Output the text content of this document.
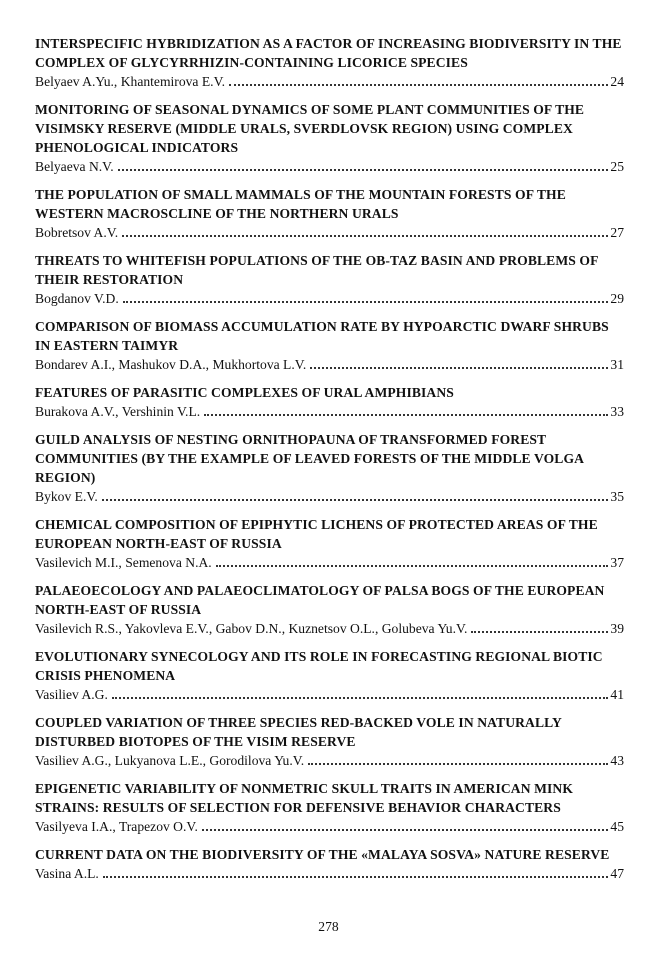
INTERSPECIFIC HYBRIDIZATION AS A FACTOR OF INCREASING BIODIVERSITY IN THE COMPLEX OF GLYCYRRHIZIN-CONTAINING LICORICE SPECIES
Belyaev A.Yu., Khantemirova E.V.	24
MONITORING OF SEASONAL DYNAMICS OF SOME PLANT COMMUNITIES OF THE VISIMSKY RESERVE (MIDDLE URALS, SVERDLOVSK REGION) USING COMPLEX PHENOLOGICAL INDICATORS
Belyaeva N.V.	25
THE POPULATION OF SMALL MAMMALS OF THE MOUNTAIN FORESTS OF THE WESTERN MACROSCLINE OF THE NORTHERN URALS
Bobretsov A.V.	27
THREATS TO WHITEFISH POPULATIONS OF THE OB-TAZ BASIN AND PROBLEMS OF THEIR RESTORATION
Bogdanov V.D.	29
COMPARISON OF BIOMASS ACCUMULATION RATE BY HYPOARCTIC DWARF SHRUBS IN EASTERN TAIMYR
Bondarev A.I., Mashukov D.A., Mukhortova L.V.	31
FEATURES OF PARASITIC COMPLEXES OF URAL AMPHIBIANS
Burakova A.V., Vershinin V.L.	33
GUILD ANALYSIS OF NESTING ORNITHOPAUNA OF TRANSFORMED FOREST COMMUNITIES (BY THE EXAMPLE OF LEAVED FORESTS OF THE MIDDLE VOLGA REGION)
Bykov E.V.	35
CHEMICAL COMPOSITION OF EPIPHYTIC LICHENS OF PROTECTED AREAS OF THE EUROPEAN NORTH-EAST OF RUSSIA
Vasilevich M.I., Semenova N.A.	37
PALAEOECOLOGY AND PALAEOCLIMATOLOGY OF PALSA BOGS OF THE EUROPEAN NORTH-EAST OF RUSSIA
Vasilevich R.S., Yakovleva E.V., Gabov D.N., Kuznetsov O.L., Golubeva Yu.V.	39
EVOLUTIONARY SYNECOLOGY AND ITS ROLE IN FORECASTING REGIONAL BIOTIC CRISIS PHENOMENA
Vasiliev A.G.	41
COUPLED VARIATION OF THREE SPECIES RED-BACKED VOLE IN NATURALLY DISTURBED BIOTOPES OF THE VISIM RESERVE
Vasiliev A.G., Lukyanova L.E., Gorodilova Yu.V.	43
EPIGENETIC VARIABILITY OF NONMETRIC SKULL TRAITS IN AMERICAN MINK STRAINS: RESULTS OF SELECTION FOR DEFENSIVE BEHAVIOR CHARACTERS
Vasilyeva I.A., Trapezov O.V.	45
CURRENT DATA ON THE BIODIVERSITY OF THE «MALAYA SOSVA» NATURE RESERVE
Vasina A.L.	47
278
